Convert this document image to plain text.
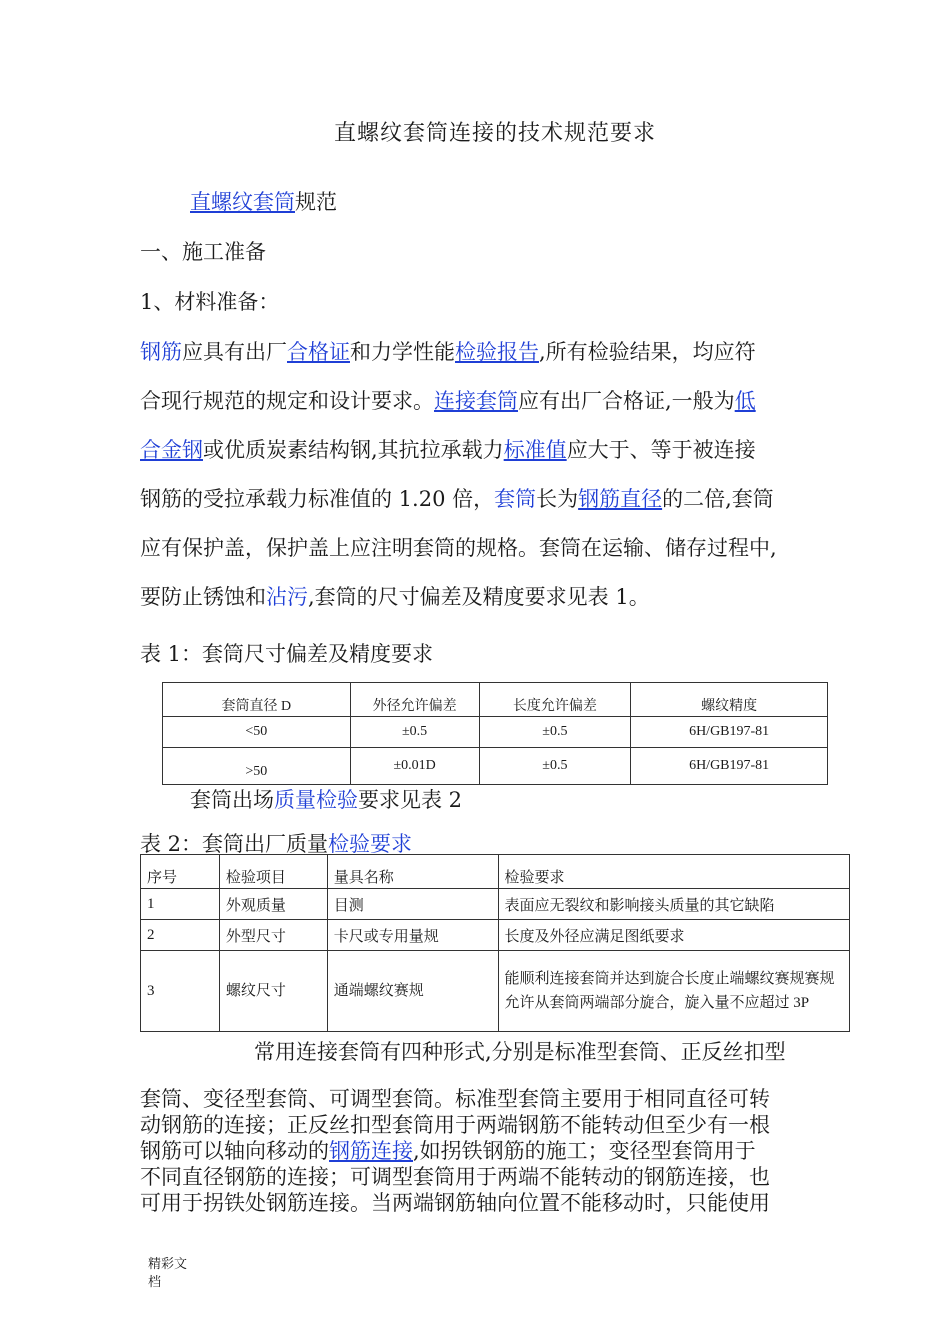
直螺纹套筒连接的技术规范要求
直螺纹套筒规范
一、施工准备
1、材料准备：
钢筋应具有出厂合格证和力学性能检验报告,所有检验结果，均应符
合现行规范的规定和设计要求。连接套筒应有出厂合格证,一般为低
合金钢或优质炭素结构钢,其抗拉承载力标准值应大于、等于被连接
钢筋的受拉承载力标准值的 1.20 倍，套筒长为钢筋直径的二倍,套筒
应有保护盖，保护盖上应注明套筒的规格。套筒在运输、储存过程中,
要防止锈蚀和沾污,套筒的尺寸偏差及精度要求见表 1。
表 1：套筒尺寸偏差及精度要求
套筒直径 D	外径允许偏差	长度允许偏差	螺纹精度
<50	±0.5	±0.5	6H/GB197-81
>50	±0.01D	±0.5	6H/GB197-81
套筒出场质量检验要求见表 2
表 2：套筒出厂质量检验要求
序号	检验项目	量具名称	检验要求
1	外观质量	目测	表面应无裂纹和影响接头质量的其它缺陷
2	外型尺寸	卡尺或专用量规	长度及外径应满足图纸要求
3	螺纹尺寸	通端螺纹赛规	能顺利连接套筒并达到旋合长度止端螺纹赛规赛规允许从套筒两端部分旋合，旋入量不应超过 3P
常用连接套筒有四种形式,分别是标准型套筒、正反丝扣型
套筒、变径型套筒、可调型套筒。标准型套筒主要用于相同直径可转
动钢筋的连接；正反丝扣型套筒用于两端钢筋不能转动但至少有一根
钢筋可以轴向移动的钢筋连接,如拐铁钢筋的施工；变径型套筒用于
不同直径钢筋的连接；可调型套筒用于两端不能转动的钢筋连接，也
可用于拐铁处钢筋连接。当两端钢筋轴向位置不能移动时，只能使用
精彩文
档
